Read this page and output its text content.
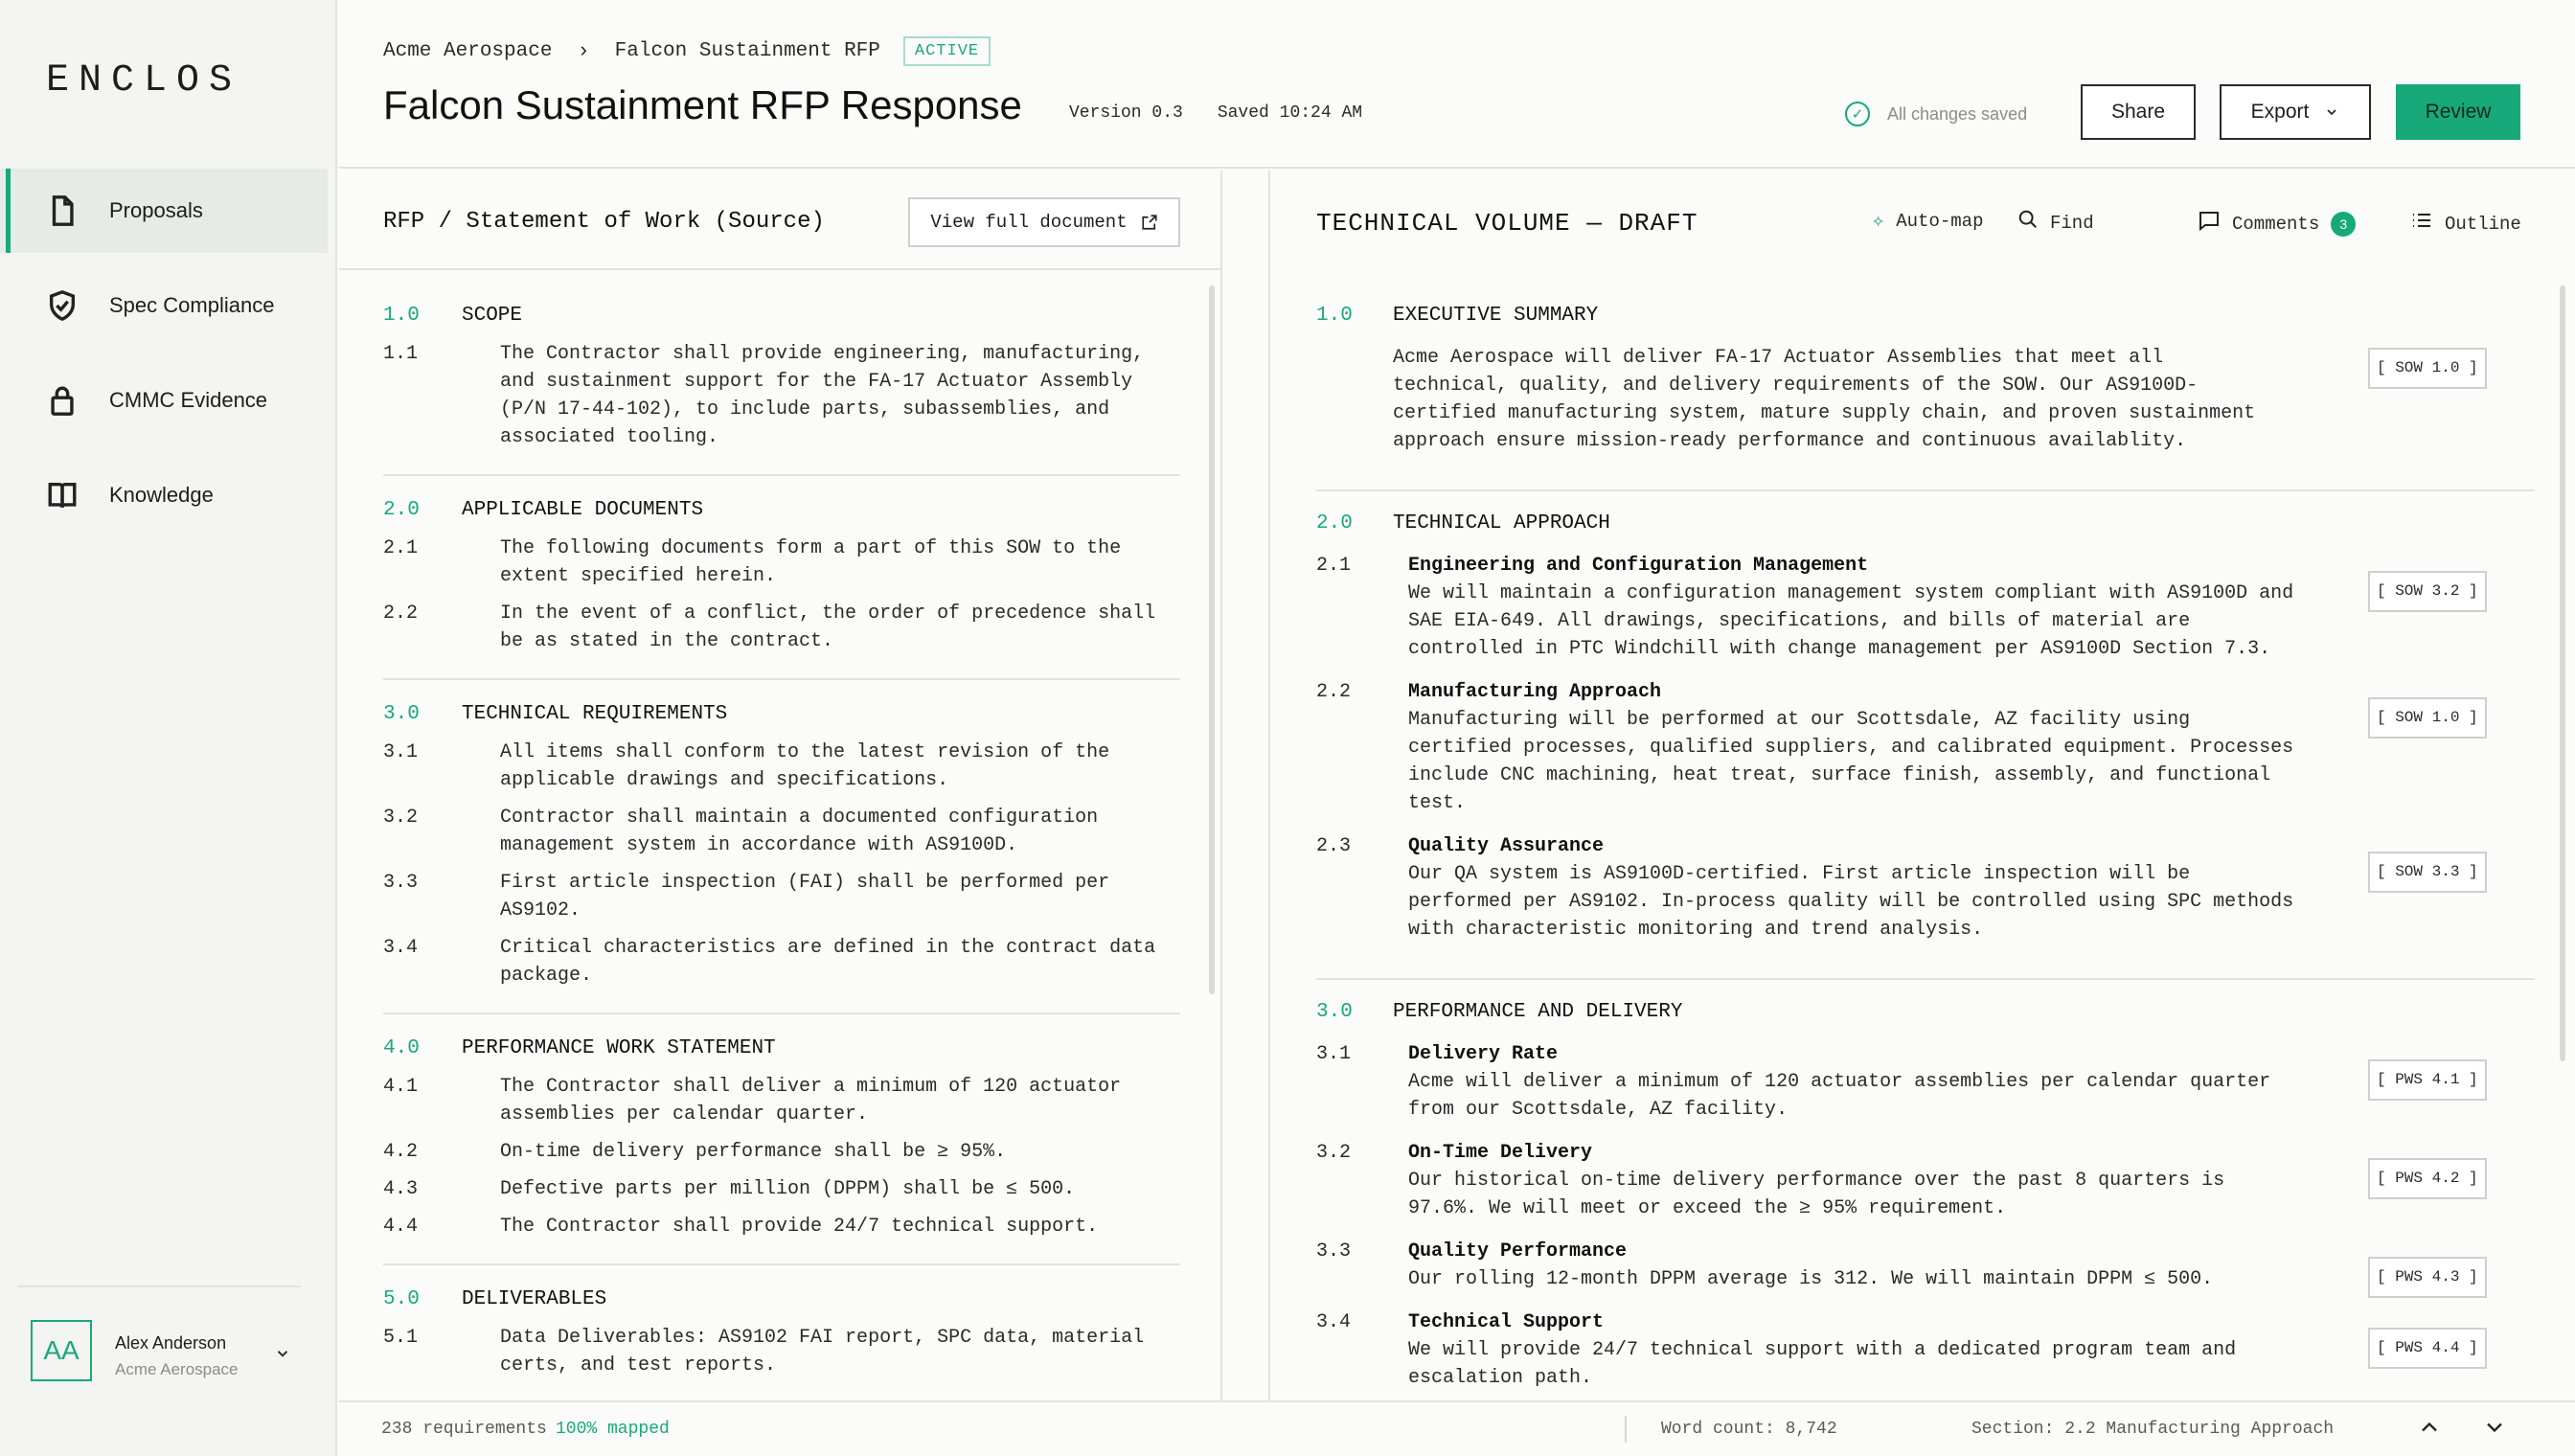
ENCLOS
Proposals
Spec Compliance
CMMC Evidence
Knowledge
AA	Alex Anderson
Acme Aerospace
Acme Aerospace › Falcon Sustainment RFP	ACTIVE
Falcon Sustainment RFP Response	Version 0.3 Saved 10:24 AM	✓	All changes saved	Share	Export	Review
RFP / Statement of Work (Source)	View full document
1.0	SCOPE
1.1	The Contractor shall provide engineering, manufacturing, and sustainment support for the FA-17 Actuator Assembly (P/N 17-44-102), to include parts, subassemblies, and associated tooling.
2.0	APPLICABLE DOCUMENTS
2.1	The following documents form a part of this SOW to the extent specified herein.
2.2	In the event of a conflict, the order of precedence shall be as stated in the contract.
3.0	TECHNICAL REQUIREMENTS
3.1	All items shall conform to the latest revision of the applicable drawings and specifications.
3.2	Contractor shall maintain a documented configuration management system in accordance with AS9100D.
3.3	First article inspection (FAI) shall be performed per AS9102.
3.4	Critical characteristics are defined in the contract data package.
4.0	PERFORMANCE WORK STATEMENT
4.1	The Contractor shall deliver a minimum of 120 actuator assemblies per calendar quarter.
4.2	On-time delivery performance shall be ≥ 95%.
4.3	Defective parts per million (DPPM) shall be ≤ 500.
4.4	The Contractor shall provide 24/7 technical support.
5.0	DELIVERABLES
5.1	Data Deliverables: AS9102 FAI report, SPC data, material certs, and test reports.
TECHNICAL VOLUME — DRAFT	✧ Auto-map	Find	Comments	3	Outline
1.0	EXECUTIVE SUMMARY
Acme Aerospace will deliver FA-17 Actuator Assemblies that meet all technical, quality, and delivery requirements of the SOW. Our AS9100D-certified manufacturing system, mature supply chain, and proven sustainment approach ensure mission-ready performance and continuous availablity.
[ SOW 1.0 ]
2.0	TECHNICAL APPROACH
2.1	Engineering and Configuration Management
We will maintain a configuration management system compliant with AS9100D and SAE EIA-649. All drawings, specifications, and bills of material are controlled in PTC Windchill with change management per AS9100D Section 7.3.
[ SOW 3.2 ]
2.2	Manufacturing Approach
Manufacturing will be performed at our Scottsdale, AZ facility using certified processes, qualified suppliers, and calibrated equipment. Processes include CNC machining, heat treat, surface finish, assembly, and functional test.
[ SOW 1.0 ]
2.3	Quality Assurance
Our QA system is AS9100D-certified. First article inspection will be performed per AS9102. In-process quality will be controlled using SPC methods with characteristic monitoring and trend analysis.
[ SOW 3.3 ]
3.0	PERFORMANCE AND DELIVERY
3.1	Delivery Rate
Acme will deliver a minimum of 120 actuator assemblies per calendar quarter from our Scottsdale, AZ facility.
[ PWS 4.1 ]
3.2	On-Time Delivery
Our historical on-time delivery performance over the past 8 quarters is 97.6%. We will meet or exceed the ≥ 95% requirement.
[ PWS 4.2 ]
3.3	Quality Performance
Our rolling 12-month DPPM average is 312. We will maintain DPPM ≤ 500.	[ PWS 4.3 ]
3.4	Technical Support
We will provide 24/7 technical support with a dedicated program team and escalation path.
[ PWS 4.4 ]
238 requirements 100% mapped	Word count: 8,742	Section: 2.2 Manufacturing Approach
